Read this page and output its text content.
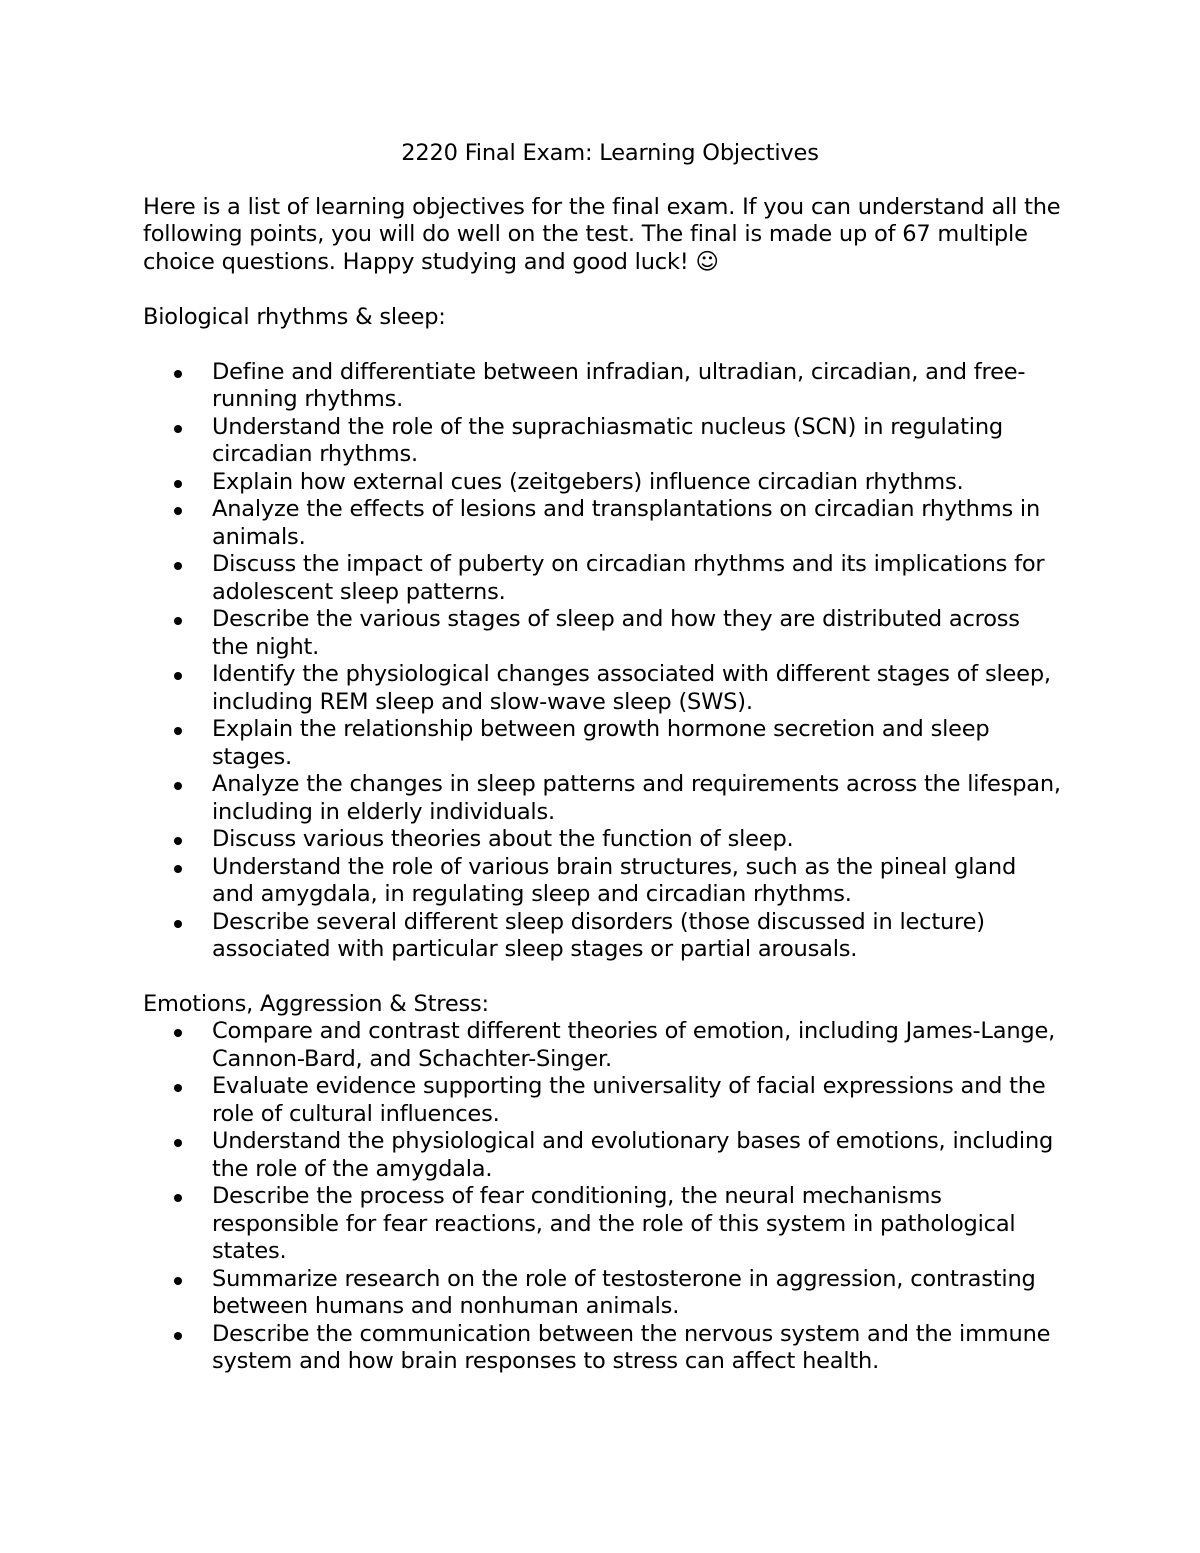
2220 Final Exam: Learning Objectives
Here is a list of learning objectives for the final exam. If you can understand all the following points, you will do well on the test. The final is made up of 67 multiple choice questions. Happy studying and good luck! ☺
Biological rhythms & sleep:
Define and differentiate between infradian, ultradian, circadian, and free-running rhythms.
Understand the role of the suprachiasmatic nucleus (SCN) in regulating circadian rhythms.
Explain how external cues (zeitgebers) influence circadian rhythms.
Analyze the effects of lesions and transplantations on circadian rhythms in animals.
Discuss the impact of puberty on circadian rhythms and its implications for adolescent sleep patterns.
Describe the various stages of sleep and how they are distributed across the night.
Identify the physiological changes associated with different stages of sleep, including REM sleep and slow-wave sleep (SWS).
Explain the relationship between growth hormone secretion and sleep stages.
Analyze the changes in sleep patterns and requirements across the lifespan, including in elderly individuals.
Discuss various theories about the function of sleep.
Understand the role of various brain structures, such as the pineal gland and amygdala, in regulating sleep and circadian rhythms.
Describe several different sleep disorders (those discussed in lecture) associated with particular sleep stages or partial arousals.
Emotions, Aggression & Stress:
Compare and contrast different theories of emotion, including James-Lange, Cannon-Bard, and Schachter-Singer.
Evaluate evidence supporting the universality of facial expressions and the role of cultural influences.
Understand the physiological and evolutionary bases of emotions, including the role of the amygdala.
Describe the process of fear conditioning, the neural mechanisms responsible for fear reactions, and the role of this system in pathological states.
Summarize research on the role of testosterone in aggression, contrasting between humans and nonhuman animals.
Describe the communication between the nervous system and the immune system and how brain responses to stress can affect health.
